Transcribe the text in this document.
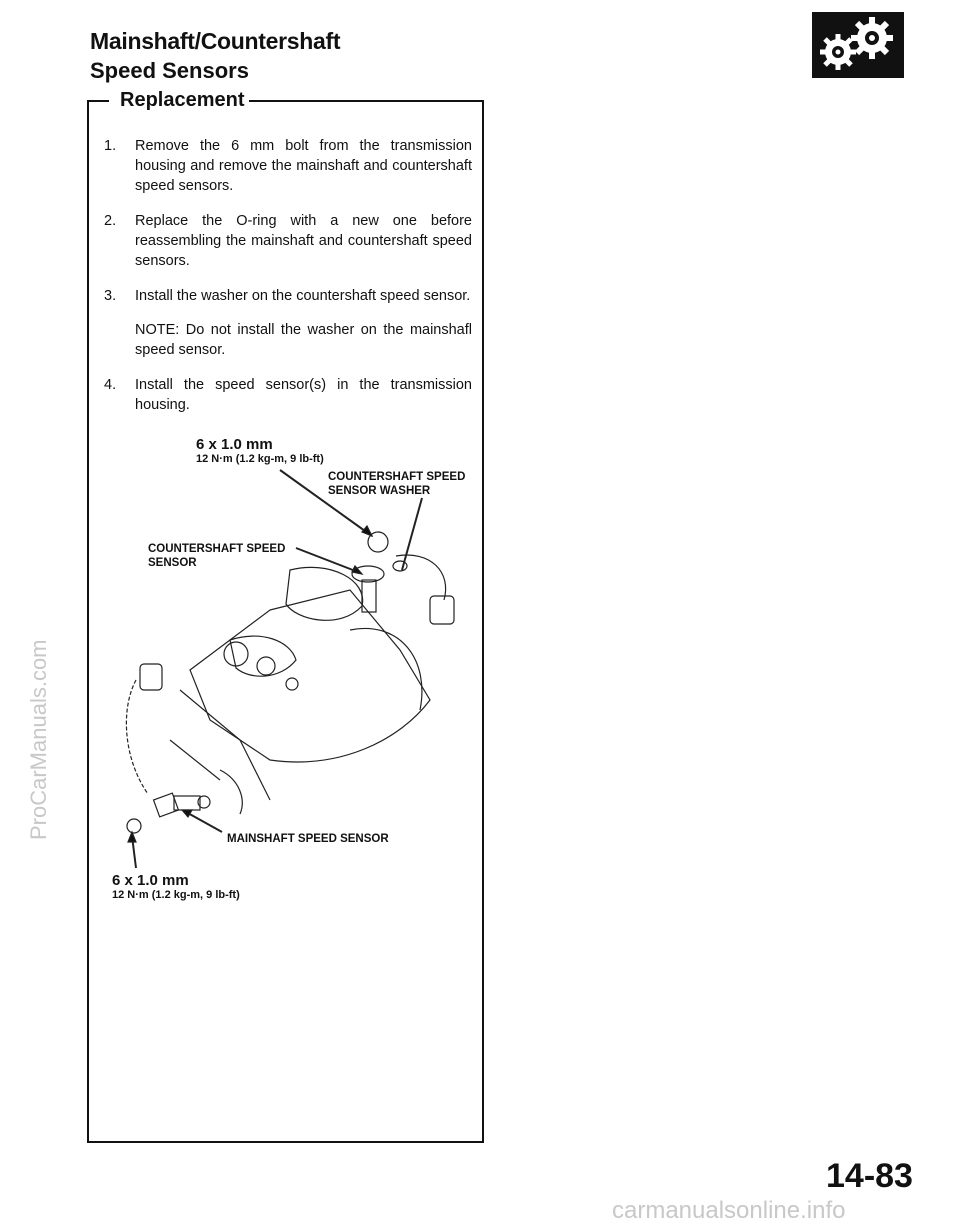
Mainshaft/Countershaft
Speed Sensors
Replacement
1. Remove the 6 mm bolt from the transmission housing and remove the mainshaft and countershaft speed sensors.
2. Replace the O-ring with a new one before reassembling the mainshaft and countershaft speed sensors.
3. Install the washer on the countershaft speed sensor.
NOTE: Do not install the washer on the mainshafl speed sensor.
4. Install the speed sensor(s) in the transmission housing.
6 x 1.0 mm
12 N·m (1.2 kg-m, 9 lb-ft)
COUNTERSHAFT SPEED SENSOR WASHER
COUNTERSHAFT SPEED SENSOR
MAINSHAFT SPEED SENSOR
6 x 1.0 mm
12 N·m (1.2 kg-m, 9 lb-ft)
ProCarManuals.com
14-83
carmanualsonline.info
